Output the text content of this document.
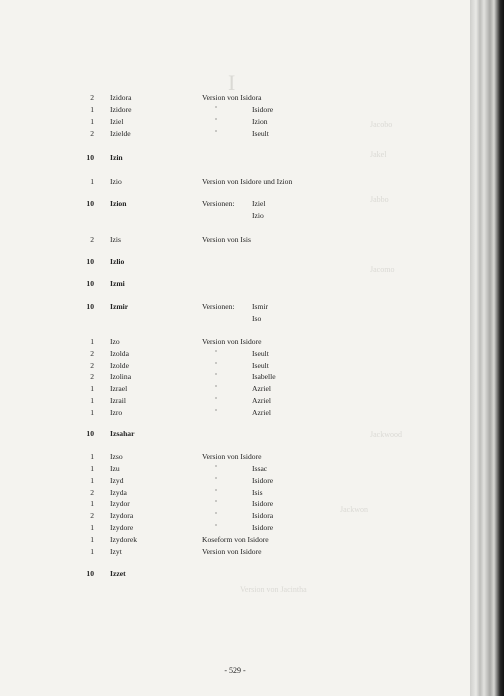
I
Jacobo
Jakel
Jabbo
Jacomo
Jackwood
Jackwon
Version von Jacintha
2 Izidora	Version von Isidora
1 Izidore	"	Isidore
1 Iziel	"	Izion
2 Izielde	"	Iseult
10 Izin
1 Izio	Version von Isidore und Izion
10 Izion	Versionen: Iziel
Izio
2 Izis	Version von Isis
10 Izlio
10 Izmi
10 Izmir	Versionen: Ismir
Iso
1 Izo	Version von Isidore
2 Izolda	"	Iseult
2 Izolde	"	Iseult
2 Izolina	"	Isabelle
1 Izrael	"	Azriel
1 Izrail	"	Azriel
1 Izro	"	Azriel
10 Izsahar
1 Izso	Version von Isidore
1 Izu	"	Issac
1 Izyd	"	Isidore
2 Izyda	"	Isis
1 Izydor	"	Isidore
2 Izydora	"	Isidora
1 Izydore	"	Isidore
1 Izydorek	Koseform von Isidore
1 Izyt	Version von Isidore
10 Izzet
- 529 -
